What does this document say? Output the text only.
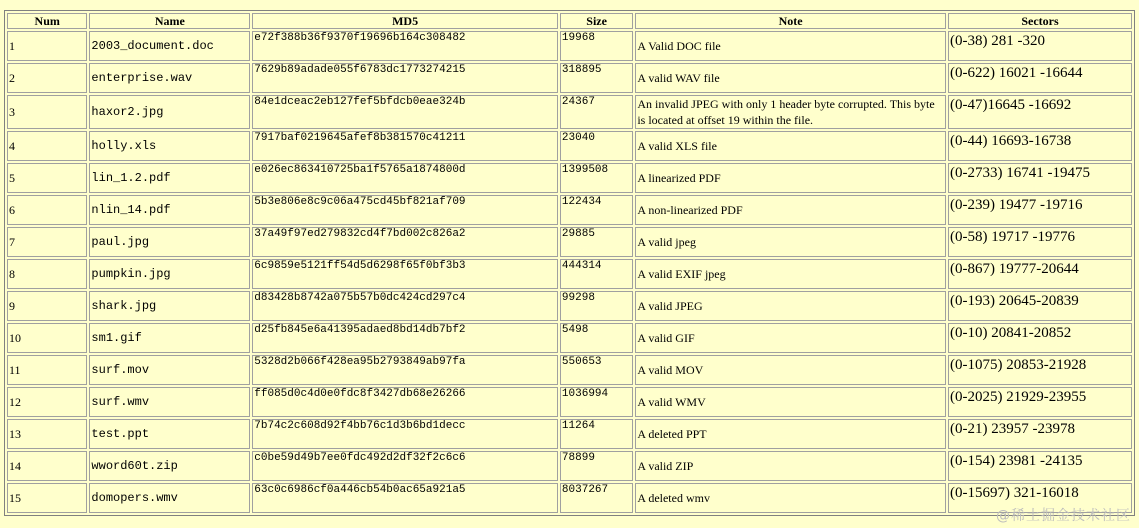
Num	Name	MD5	Size	Note	Sectors
1	2003_document.doc	e72f388b36f9370f19696b164c308482	19968	A Valid DOC file	(0-38) 281 -320
2	enterprise.wav	7629b89adade055f6783dc1773274215	318895	A valid WAV file	(0-622) 16021 -16644
3	haxor2.jpg	84e1dceac2eb127fef5bfdcb0eae324b	24367	An invalid JPEG with only 1 header byte corrupted. This byte is located at offset 19 within the file.	(0-47)16645 -16692
4	holly.xls	7917baf0219645afef8b381570c41211	23040	A valid XLS file	(0-44) 16693-16738
5	lin_1.2.pdf	e026ec863410725ba1f5765a1874800d	1399508	A linearized PDF	(0-2733) 16741 -19475
6	nlin_14.pdf	5b3e806e8c9c06a475cd45bf821af709	122434	A non-linearized PDF	(0-239) 19477 -19716
7	paul.jpg	37a49f97ed279832cd4f7bd002c826a2	29885	A valid jpeg	(0-58) 19717 -19776
8	pumpkin.jpg	6c9859e5121ff54d5d6298f65f0bf3b3	444314	A valid EXIF jpeg	(0-867) 19777-20644
9	shark.jpg	d83428b8742a075b57b0dc424cd297c4	99298	A valid JPEG	(0-193) 20645-20839
10	sm1.gif	d25fb845e6a41395adaed8bd14db7bf2	5498	A valid GIF	(0-10) 20841-20852
11	surf.mov	5328d2b066f428ea95b2793849ab97fa	550653	A valid MOV	(0-1075) 20853-21928
12	surf.wmv	ff085d0c4d0e0fdc8f3427db68e26266	1036994	A valid WMV	(0-2025) 21929-23955
13	test.ppt	7b74c2c608d92f4bb76c1d3b6bd1decc	11264	A deleted PPT	(0-21) 23957 -23978
14	wword60t.zip	c0be59d49b7ee0fdc492d2df32f2c6c6	78899	A valid ZIP	(0-154) 23981 -24135
15	domopers.wmv	63c0c6986cf0a446cb54b0ac65a921a5	8037267	A deleted wmv	(0-15697) 321-16018
@稀土掘金技术社区
